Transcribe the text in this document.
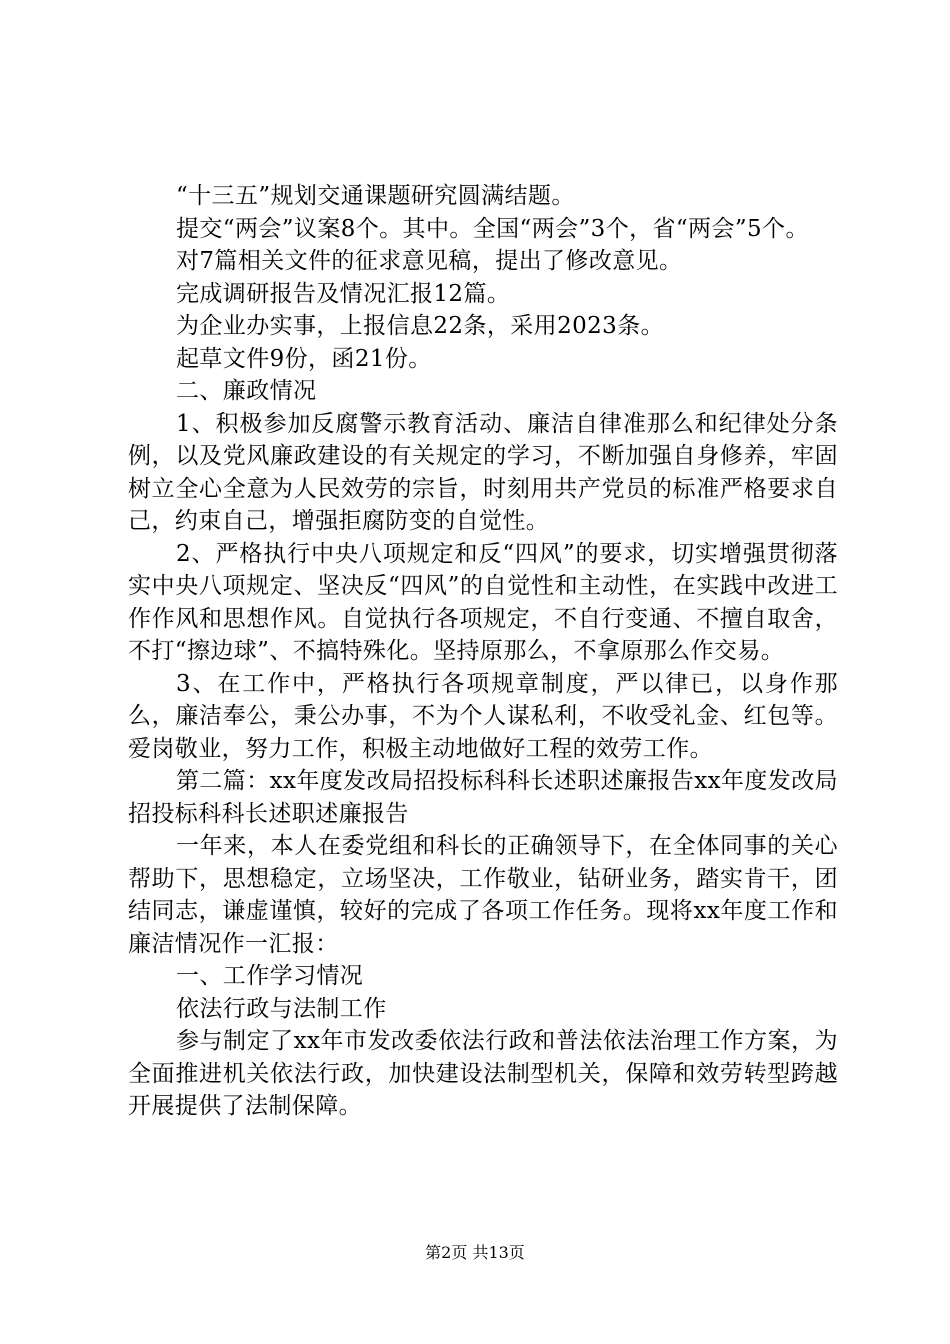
“十三五”规划交通课题研究圆满结题。

提交“两会”议案8个。其中。全国“两会”3个，省“两会”5个。

对7篇相关文件的征求意见稿，提出了修改意见。

完成调研报告及情况汇报12篇。

为企业办实事，上报信息22条，采用2023条。

起草文件9份，函21份。

二、廉政情况

1、积极参加反腐警示教育活动、廉洁自律准那么和纪律处分条例，以及党风廉政建设的有关规定的学习，不断加强自身修养，牢固树立全心全意为人民效劳的宗旨，时刻用共产党员的标准严格要求自己，约束自己，增强拒腐防变的自觉性。

2、严格执行中央八项规定和反“四风”的要求，切实增强贯彻落实中央八项规定、坚决反“四风”的自觉性和主动性，在实践中改进工作作风和思想作风。自觉执行各项规定，不自行变通、不擅自取舍，不打“擦边球”、不搞特殊化。坚持原那么，不拿原那么作交易。

3、在工作中，严格执行各项规章制度，严以律已，以身作那么，廉洁奉公，秉公办事，不为个人谋私利，不收受礼金、红包等。爱岗敬业，努力工作，积极主动地做好工程的效劳工作。

第二篇：xx年度发改局招投标科科长述职述廉报告xx年度发改局招投标科科长述职述廉报告

一年来，本人在委党组和科长的正确领导下，在全体同事的关心帮助下，思想稳定，立场坚决，工作敬业，钻研业务，踏实肯干，团结同志，谦虚谨慎，较好的完成了各项工作任务。现将xx年度工作和廉洁情况作一汇报：

一、工作学习情况

依法行政与法制工作

参与制定了xx年市发改委依法行政和普法依法治理工作方案，为全面推进机关依法行政，加快建设法制型机关，保障和效劳转型跨越开展提供了法制保障。

第2页 共13页
